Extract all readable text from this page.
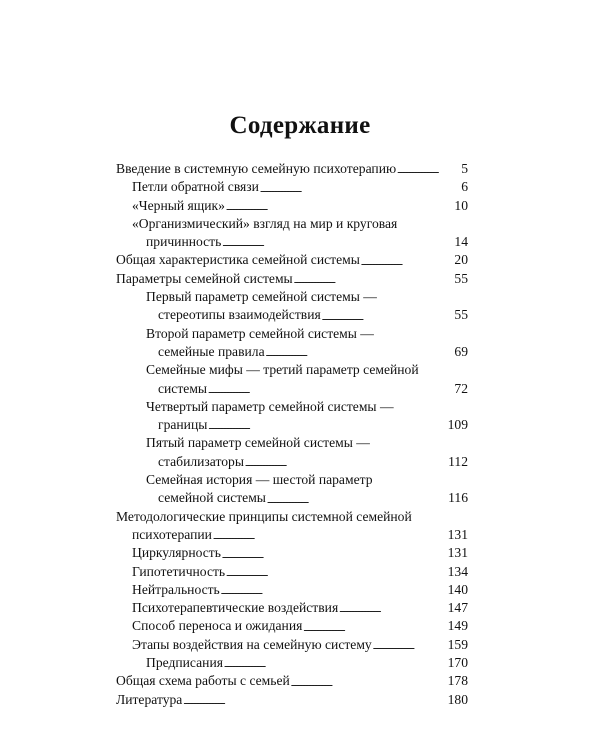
Содержание
Введение в системную семейную психотерапию . . .	5
Петли обратной связи . . .	6
«Черный ящик» . . .	10
«Организмический» взгляд на мир и круговая
причинность . . .	14
Общая характеристика семейной системы . . .	20
Параметры семейной системы . . .	55
Первый параметр семейной системы —
стереотипы взаимодействия . . .	55
Второй параметр семейной системы —
семейные правила . . .	69
Семейные мифы — третий параметр семейной
системы . . .	72
Четвертый параметр семейной системы —
границы . . .	109
Пятый параметр семейной системы —
стабилизаторы . . .	112
Семейная история — шестой параметр
семейной системы . . .	116
Методологические принципы системной семейной
психотерапии . . .	131
Циркулярность . . .	131
Гипотетичность . . .	134
Нейтральность . . .	140
Психотерапевтические воздействия . . .	147
Способ переноса и ожидания . . .	149
Этапы воздействия на семейную систему . . .	159
Предписания . . .	170
Общая схема работы с семьей . . .	178
Литература . . .	180
